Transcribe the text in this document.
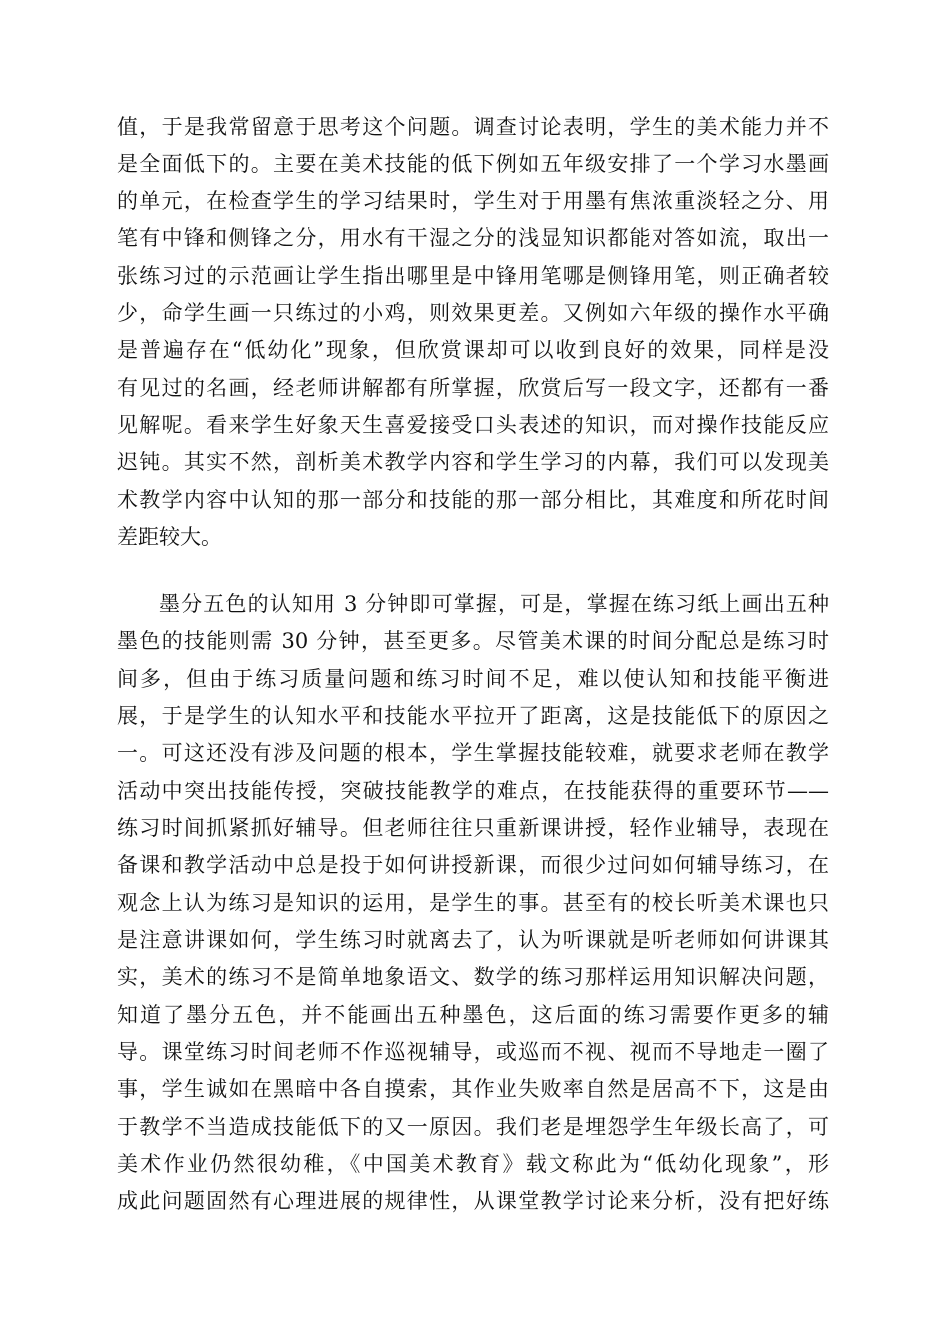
值，于是我常留意于思考这个问题。调查讨论表明，学生的美术能力并不
是全面低下的。主要在美术技能的低下例如五年级安排了一个学习水墨画
的单元，在检查学生的学习结果时，学生对于用墨有焦浓重淡轻之分、用
笔有中锋和侧锋之分，用水有干湿之分的浅显知识都能对答如流，取出一
张练习过的示范画让学生指出哪里是中锋用笔哪是侧锋用笔，则正确者较
少，命学生画一只练过的小鸡，则效果更差。又例如六年级的操作水平确
是普遍存在“低幼化”现象，但欣赏课却可以收到良好的效果，同样是没
有见过的名画，经老师讲解都有所掌握，欣赏后写一段文字，还都有一番
见解呢。看来学生好象天生喜爱接受口头表述的知识，而对操作技能反应
迟钝。其实不然，剖析美术教学内容和学生学习的内幕，我们可以发现美
术教学内容中认知的那一部分和技能的那一部分相比，其难度和所花时间
差距较大。
墨分五色的认知用 3 分钟即可掌握，可是，掌握在练习纸上画出五种
墨色的技能则需 30 分钟，甚至更多。尽管美术课的时间分配总是练习时
间多，但由于练习质量问题和练习时间不足，难以使认知和技能平衡进
展，于是学生的认知水平和技能水平拉开了距离，这是技能低下的原因之
一。可这还没有涉及问题的根本，学生掌握技能较难，就要求老师在教学
活动中突出技能传授，突破技能教学的难点，在技能获得的重要环节——
练习时间抓紧抓好辅导。但老师往往只重新课讲授，轻作业辅导，表现在
备课和教学活动中总是投于如何讲授新课，而很少过问如何辅导练习，在
观念上认为练习是知识的运用，是学生的事。甚至有的校长听美术课也只
是注意讲课如何，学生练习时就离去了，认为听课就是听老师如何讲课其
实，美术的练习不是简单地象语文、数学的练习那样运用知识解决问题，
知道了墨分五色，并不能画出五种墨色，这后面的练习需要作更多的辅
导。课堂练习时间老师不作巡视辅导，或巡而不视、视而不导地走一圈了
事，学生诚如在黑暗中各自摸索，其作业失败率自然是居高不下，这是由
于教学不当造成技能低下的又一原因。我们老是埋怨学生年级长高了，可
美术作业仍然很幼稚，《中国美术教育》载文称此为“低幼化现象”，形
成此问题固然有心理进展的规律性，从课堂教学讨论来分析，没有把好练
